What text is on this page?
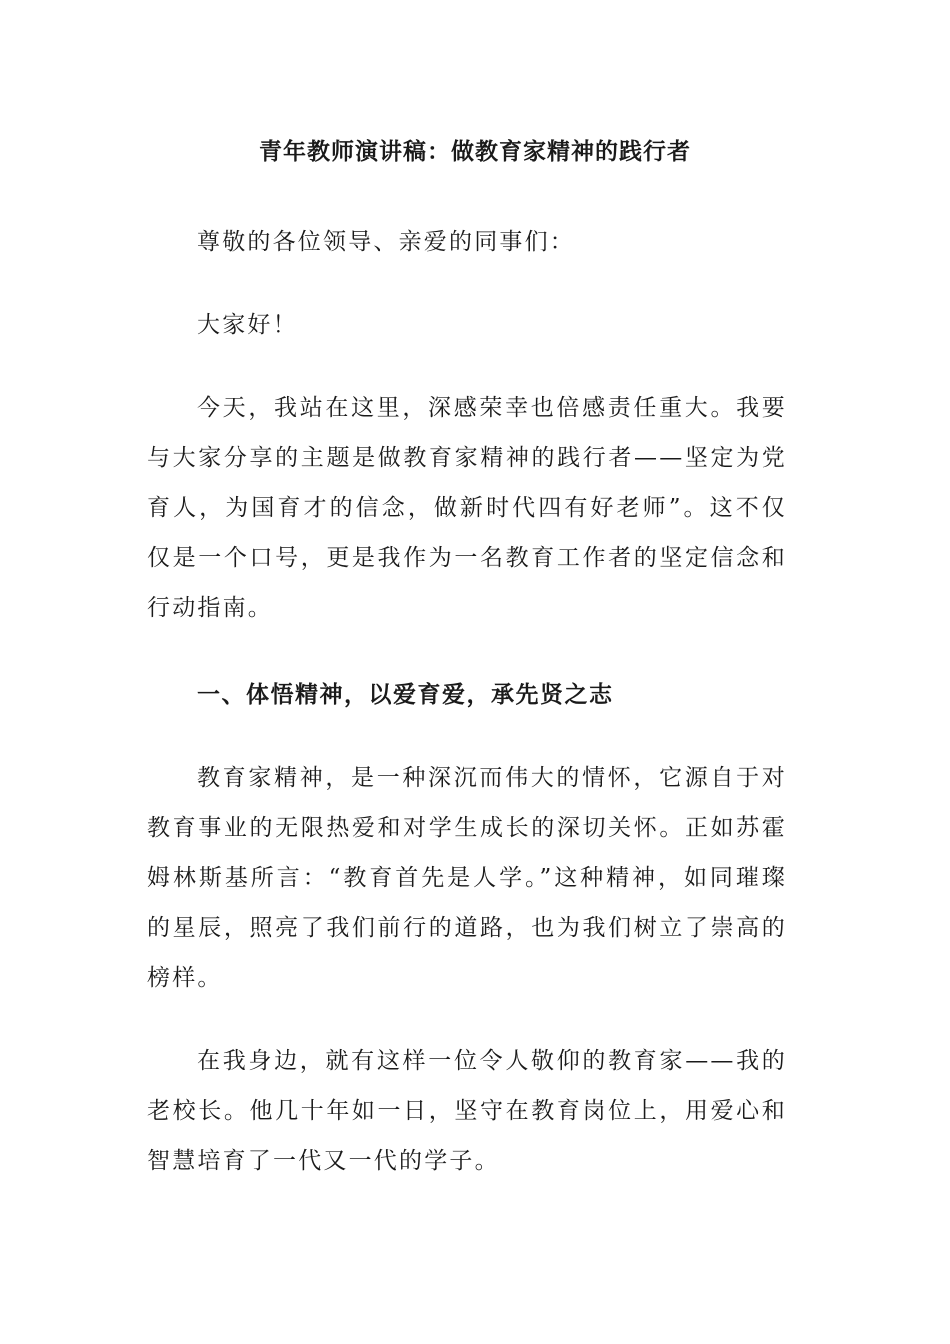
青年教师演讲稿：做教育家精神的践行者

尊敬的各位领导、亲爱的同事们：

大家好！

今天，我站在这里，深感荣幸也倍感责任重大。我要与大家分享的主题是做教育家精神的践行者——坚定为党育人，为国育才的信念，做新时代四有好老师”。这不仅仅是一个口号，更是我作为一名教育工作者的坚定信念和行动指南。

一、体悟精神，以爱育爱，承先贤之志

教育家精神，是一种深沉而伟大的情怀，它源自于对教育事业的无限热爱和对学生成长的深切关怀。正如苏霍姆林斯基所言：“教育首先是人学。”这种精神，如同璀璨的星辰，照亮了我们前行的道路，也为我们树立了崇高的榜样。

在我身边，就有这样一位令人敬仰的教育家——我的老校长。他几十年如一日，坚守在教育岗位上，用爱心和智慧培育了一代又一代的学子。
